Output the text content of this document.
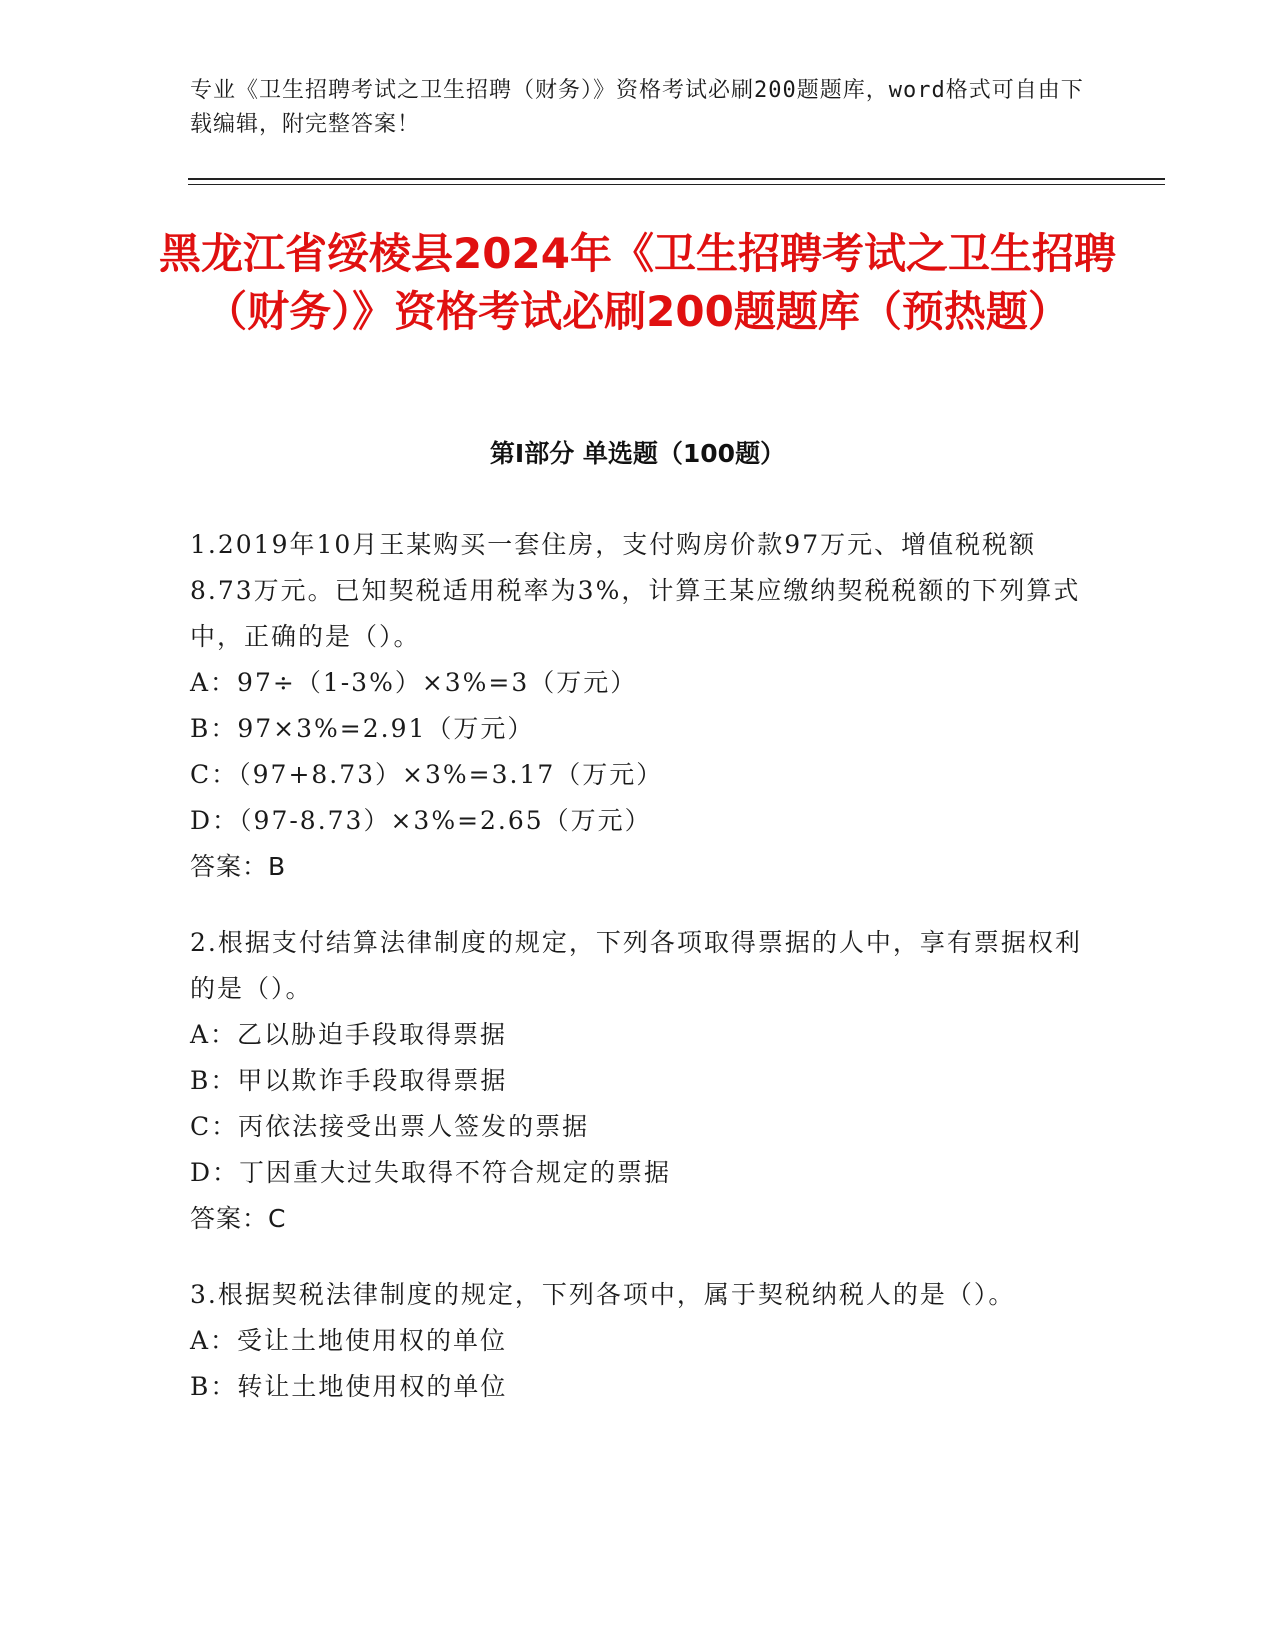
专业《卫生招聘考试之卫生招聘（财务）》资格考试必刷200题题库，word格式可自由下载编辑，附完整答案！
黑龙江省绥棱县2024年《卫生招聘考试之卫生招聘（财务）》资格考试必刷200题题库（预热题）
第Ⅰ部分 单选题（100题）

1.2019年10月王某购买一套住房，支付购房价款97万元、增值税税额8.73万元。已知契税适用税率为3%，计算王某应缴纳契税税额的下列算式中，正确的是（）。

A：97÷（1-3%）×3%=3（万元）

B：97×3%=2.91（万元）

C：（97+8.73）×3%=3.17（万元）

D：（97-8.73）×3%=2.65（万元）

答案：B

2.根据支付结算法律制度的规定，下列各项取得票据的人中，享有票据权利的是（）。

A：乙以胁迫手段取得票据

B：甲以欺诈手段取得票据

C：丙依法接受出票人签发的票据

D：丁因重大过失取得不符合规定的票据

答案：C

3.根据契税法律制度的规定，下列各项中，属于契税纳税人的是（）。

A：受让土地使用权的单位

B：转让土地使用权的单位
